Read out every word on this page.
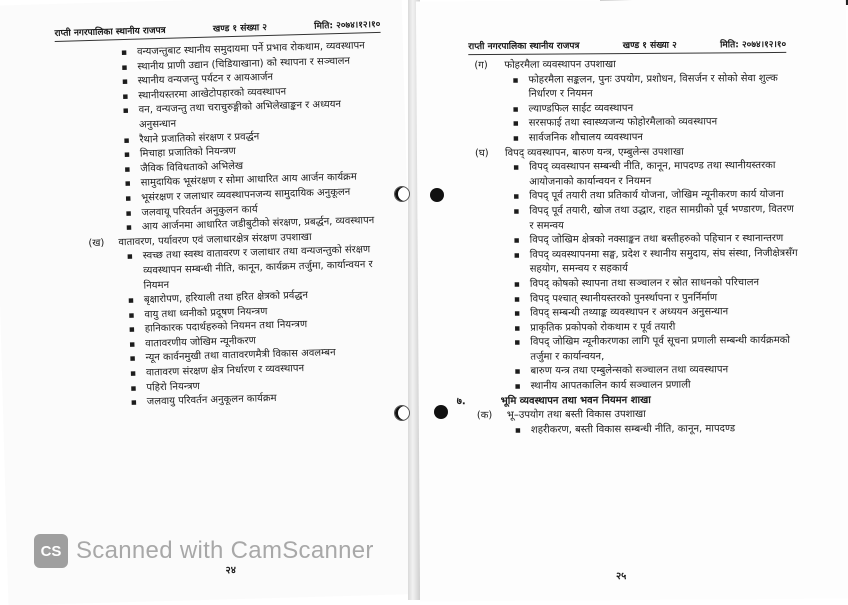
राप्ती नगरपालिका स्थानीय राजपत्र	खण्ड १ संख्या २	मिति: २०७४।१२।१०
▪ वन्यजन्तुबाट स्थानीय समुदायमा पर्ने प्रभाव रोकथाम, व्यवस्थापन
▪ स्थानीय प्राणी उद्यान (चिडियाखाना) को स्थापना र सञ्चालन
▪ स्थानीय वन्यजन्तु पर्यटन र आयआर्जन
▪ स्थानीयस्तरमा आखेटोपहारको व्यवस्थापन
▪ वन, वन्यजन्तु तथा चराचुरुङ्गीको अभिलेखाङ्कन र अध्ययन अनुसन्धान
▪ रैथाने प्रजातिको संरक्षण र प्रवर्द्धन
▪ मिचाहा प्रजातिको नियन्त्रण
▪ जैविक विविधताको अभिलेख
▪ सामुदायिक भूसंरक्षण र सोमा आधारित आय आर्जन कार्यक्रम
▪ भूसंरक्षण र जलाधार व्यवस्थापनजन्य सामुदायिक अनुकूलन
▪ जलवायू परिवर्तन अनुकुलन कार्य
▪ आय आर्जनमा आधारित जडीबुटीको संरक्षण, प्रबर्द्धन, व्यवस्थापन
(ख) वातावरण, पर्यावरण एवं जलाधारक्षेत्र संरक्षण उपशाखा
▪ स्वच्छ तथा स्वस्थ वातावरण र जलाधार तथा वन्यजन्तुको संरक्षण व्यवस्थापन सम्बन्धी नीति, कानून, कार्यक्रम तर्जुमा, कार्यान्वयन र नियमन
▪ बृक्षारोपण, हरियाली तथा हरित क्षेत्रको प्रर्वद्धन
▪ वायु तथा ध्वनीको प्रदूषण नियन्त्रण
▪ हानिकारक पदार्थहरुको नियमन तथा नियन्त्रण
▪ वातावरणीय जोखिम न्यूनीकरण
▪ न्यून कार्वनमुखी तथा वातावरणमैत्री विकास अवलम्बन
▪ वातावरण संरक्षण क्षेत्र निर्धारण र व्यवस्थापन
▪ पहिरो नियन्त्रण
▪ जलवायु परिवर्तन अनुकूलन कार्यक्रम
२४
राप्ती नगरपालिका स्थानीय राजपत्र	खण्ड १ संख्या २	मिति: २०७४।१२।१०
(ग) फोहरमैला व्यवस्थापन उपशाखा
▪ फोहरमैला सङ्कलन, पुनः उपयोग, प्रशोधन, विसर्जन र सोको सेवा शुल्क निर्धारण र नियमन
▪ ल्याण्डफिल साईट व्यवस्थापन
▪ सरसफाई तथा स्वास्थ्यजन्य फोहोरमैलाको व्यवस्थापन
▪ सार्वजनिक शौचालय व्यवस्थापन
(घ) विपद् व्यवस्थापन, बारुण यन्त्र, एम्बुलेन्स उपशाखा
▪ विपद् व्यवस्थापन सम्बन्धी नीति, कानून, मापदण्ड तथा स्थानीयस्तरका आयोजनाको कार्यान्वयन र नियमन
▪ विपद् पूर्व तयारी तथा प्रतिकार्य योजना, जोखिम न्यूनीकरण कार्य योजना
▪ विपद् पूर्व तयारी, खोज तथा उद्धार, राहत सामग्रीको पूर्व भण्डारण, वितरण र समन्वय
▪ विपद् जोखिम क्षेत्रको नक्साङ्कन तथा बस्तीहरुको पहिचान र स्थानान्तरण
▪ विपद् व्यवस्थापनमा सङ्घ, प्रदेश र स्थानीय समुदाय, संघ संस्था, निजीक्षेत्रसँग सहयोग, समन्वय र सहकार्य
▪ विपद् कोषको स्थापना तथा सञ्चालन र स्रोत साधनको परिचालन
▪ विपद् पश्चात् स्थानीयस्तरको पुनर्स्थापना र पुनर्निर्माण
▪ विपद् सम्बन्धी तथ्याङ्क व्यवस्थापन र अध्ययन अनुसन्धान
▪ प्राकृतिक प्रकोपको रोकथाम र पूर्व तयारी
▪ विपद् जोखिम न्यूनीकरणका लागि पूर्व सूचना प्रणाली सम्बन्धी कार्यक्रमको तर्जुमा र कार्यान्वयन,
▪ बारुण यन्त्र तथा एम्बुलेन्सको सञ्चालन तथा व्यवस्थापन
▪ स्थानीय आपतकालिन कार्य सञ्चालन प्रणाली
७.	भूमि व्यवस्थापन तथा भवन नियमन शाखा
(क) भू–उपयोग तथा बस्ती विकास उपशाखा
▪ शहरीकरण, बस्ती विकास सम्बन्धी नीति, कानून, मापदण्ड
२५
CS Scanned with CamScanner
